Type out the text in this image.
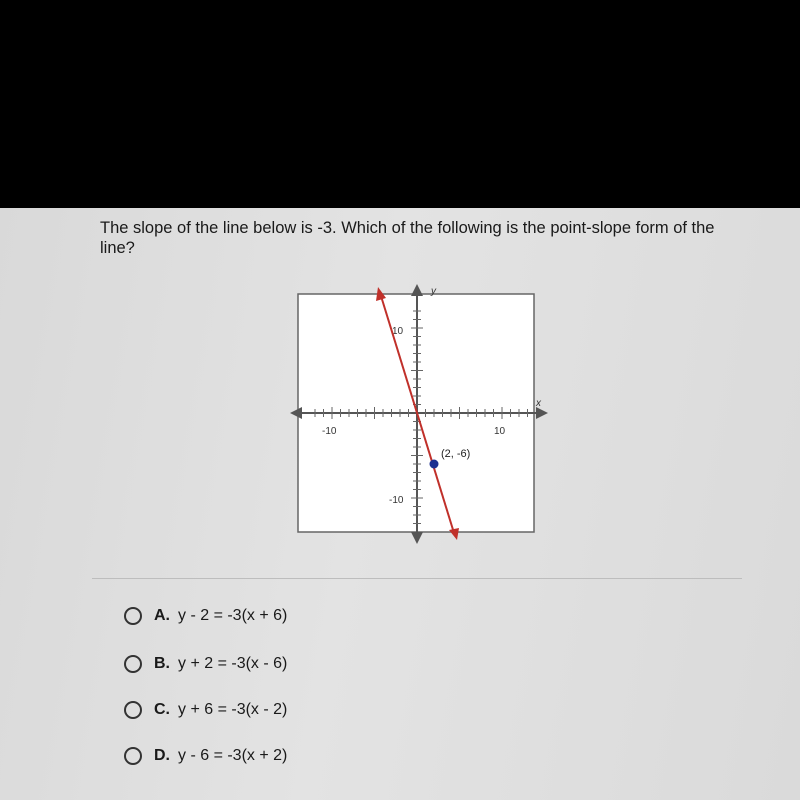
The slope of the line below is -3. Which of the following is the point-slope form of the line?

y
x
10
-10
-10	10
(2, -6)
A. y - 2 = -3(x + 6)
B. y + 2 = -3(x - 6)
C. y + 6 = -3(x - 2)
D. y - 6 = -3(x + 2)
